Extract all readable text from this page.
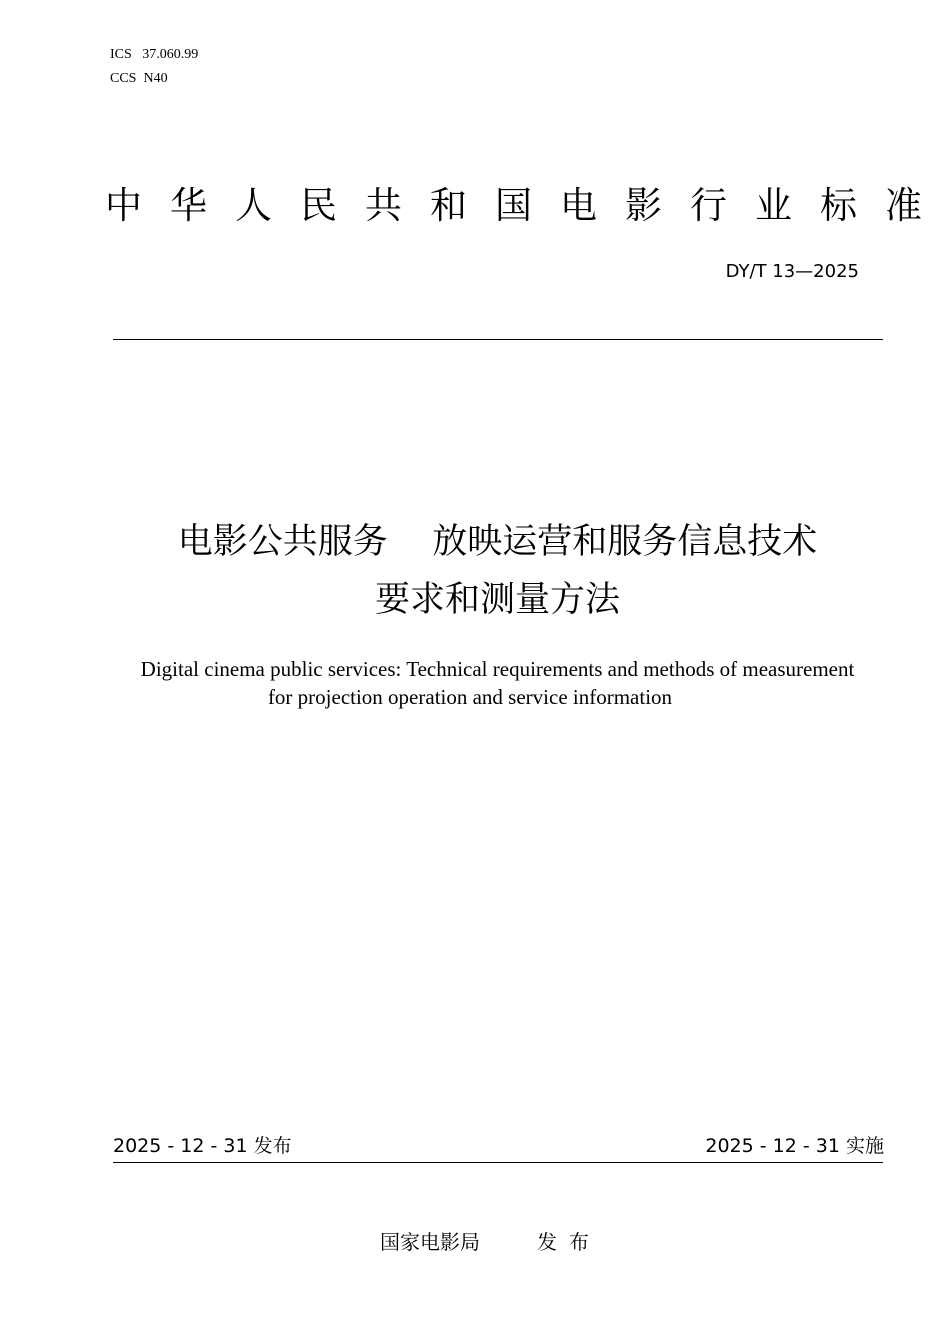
ICS   37.060.99

CCS  N40

中华人民共和国电影行业标准

DY/T 13—2025

电影公共服务    放映运营和服务信息技术
要求和测量方法

Digital cinema public services: Technical requirements and methods of measurement

for projection operation and service information

2025 - 12 - 31 发布	2025 - 12 - 31 实施

国家电影局	发布
